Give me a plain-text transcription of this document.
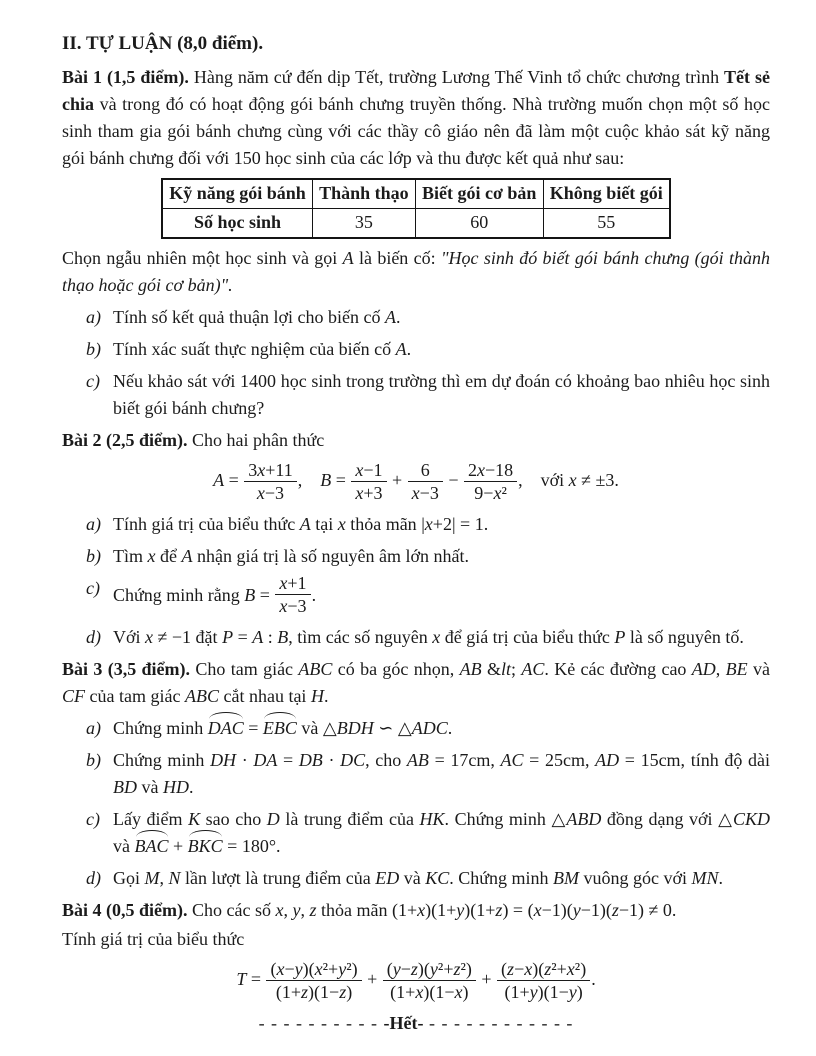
II. TỰ LUẬN (8,0 điểm).

Bài 1 (1,5 điểm). Hàng năm cứ đến dịp Tết, trường Lương Thế Vinh tổ chức chương trình Tết sẻ chia và trong đó có hoạt động gói bánh chưng truyền thống. Nhà trường muốn chọn một số học sinh tham gia gói bánh chưng cùng với các thầy cô giáo nên đã làm một cuộc khảo sát kỹ năng gói bánh chưng đối với 150 học sinh của các lớp và thu được kết quả như sau:

Kỹ năng gói bánh	Thành thạo	Biết gói cơ bản	Không biết gói
Số học sinh	35	60	55

Chọn ngẫu nhiên một học sinh và gọi A là biến cố: "Học sinh đó biết gói bánh chưng (gói thành thạo hoặc gói cơ bản)".

a) Tính số kết quả thuận lợi cho biến cố A.
b) Tính xác suất thực nghiệm của biến cố A.
c) Nếu khảo sát với 1400 học sinh trong trường thì em dự đoán có khoảng bao nhiêu học sinh biết gói bánh chưng?

Bài 2 (2,5 điểm). Cho hai phân thức

$A = \frac{3x+11}{x-3}$ ,    $B = \frac{x-1}{x+3} + \frac{6}{x-3} - \frac{2x-18}{\text{9−x²}}$ ,    với x ≠ ±3.
a) Tính giá trị của biểu thức A tại x thỏa mãn |x+2| = 1.
b) Tìm x để A nhận giá trị là số nguyên âm lớn nhất.
c) Chứng minh rằng $B = \frac{x+1}{x-3}$ .
d) Với x ≠ −1 đặt P = A : B, tìm các số nguyên x để giá trị của biểu thức P là số nguyên tố.

Bài 3 (3,5 điểm). Cho tam giác ABC có ba góc nhọn, AB &lt; AC. Kẻ các đường cao AD, BE và CF của tam giác ABC cắt nhau tại H.

a) Chứng minh DAC = EBC và △BDH ∽ △ADC.
b) Chứng minh DH · DA = DB · DC, cho AB = 17cm, AC = 25cm, AD = 15cm, tính độ dài BD và HD.
c) Lấy điểm K sao cho D là trung điểm của HK. Chứng minh △ABD đồng dạng với △CKD và BAC + BKC = 180°.
d) Gọi M, N lần lượt là trung điểm của ED và KC. Chứng minh BM vuông góc với MN.

Bài 4 (0,5 điểm). Cho các số x, y, z thỏa mãn (1+x)(1+y)(1+z) = (x−1)(y−1)(z−1) ≠ 0.

Tính giá trị của biểu thức

$T = \frac{\text{(x−y)(x²+y²)}}{(1+z)(1-z)} + \frac{\text{(y−z)(y²+z²)}}{(1+x)(1-x)} + \frac{\text{(z−x)(z²+x²)}}{(1+y)(1-y)}$ .
- - - - - - - - - - -Hết- - - - - - - - - - - - -
